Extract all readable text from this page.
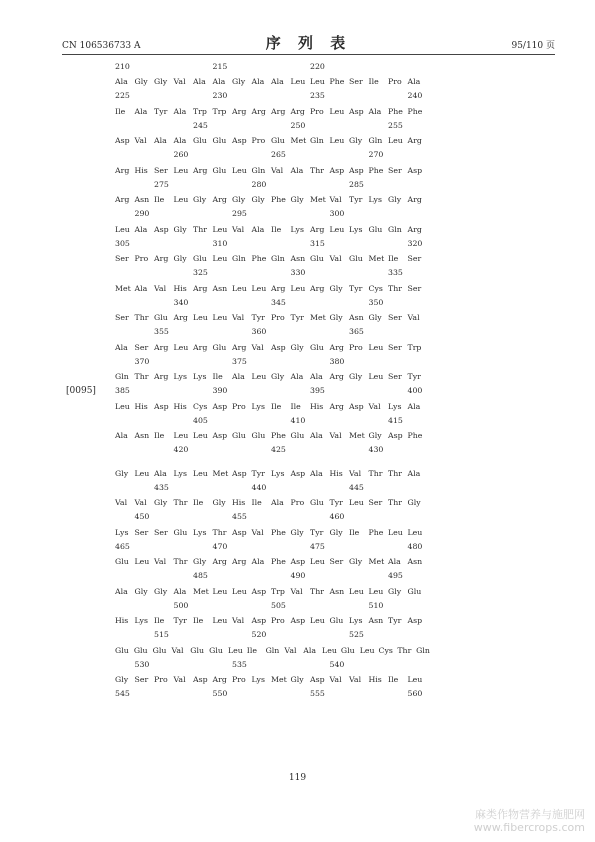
CN 106536733 A	序 列 表	95/110 页
[0095]
210	215	220
Ala Gly Gly Val Ala Ala Gly Ala Ala Leu Leu Phe Ser Ile	Pro Ala
225	230	235	240
Ile	Ala Tyr Ala Trp Trp Arg Arg Arg Arg Pro Leu Asp Ala Phe Phe
245	250	255
Asp Val Ala Ala Glu Glu Asp Pro Glu Met Gln Leu Gly Gln Leu Arg
260	265	270
Arg His Ser Leu Arg Glu Leu Gln Val Ala Thr Asp Asp Phe Ser Asp
275	280	285
Arg Asn Ile	Leu Gly Arg Gly Gly Phe Gly Met Val Tyr Lys Gly Arg
290	295	300
Leu Ala Asp Gly Thr Leu Val Ala Ile	Lys Arg Leu Lys Glu Gln Arg
305	310	315	320
Ser Pro Arg Gly Glu Leu Gln Phe Gln Asn Glu Val Glu Met Ile	Ser
325	330	335
Met Ala Val His Arg Asn Leu Leu Arg Leu Arg Gly Tyr Cys Thr Ser
340	345	350
Ser Thr Glu Arg Leu Leu Val Tyr Pro Tyr Met Gly Asn Gly Ser Val
355	360	365
Ala Ser Arg Leu Arg Glu Arg Val Asp Gly Glu Arg Pro Leu Ser Trp
370	375	380
Gln Thr Arg Lys Lys Ile	Ala Leu Gly Ala Ala Arg Gly Leu Ser Tyr
385	390	395	400
Leu His Asp His Cys Asp Pro Lys Ile	Ile	His Arg Asp Val Lys Ala
405	410	415
Ala Asn Ile	Leu Leu Asp Glu Glu Phe Glu Ala Val Met Gly Asp Phe
420	425	430
Gly Leu Ala Lys Leu Met Asp Tyr Lys Asp Ala His Val Thr Thr Ala
435	440	445
Val Val Gly Thr Ile	Gly His Ile	Ala Pro Glu Tyr Leu Ser Thr Gly
450	455	460
Lys Ser Ser Glu Lys Thr Asp Val Phe Gly Tyr Gly Ile	Phe Leu Leu
465	470	475	480
Glu Leu Val Thr Gly Arg Arg Ala Phe Asp Leu Ser Gly Met Ala Asn
485	490	495
Ala Gly Gly Ala Met Leu Leu Asp Trp Val Thr Asn Leu Leu Gly Glu
500	505	510
His Lys Ile	Tyr Ile	Leu Val Asp Pro Asp Leu Glu Lys Asn Tyr Asp
515	520	525
Glu Glu Glu Val Glu Glu Leu Ile	Gln Val Ala Leu Glu Leu Cys Thr Gln
530	535	540
Gly Ser Pro Val Asp Arg Pro Lys Met Gly Asp Val Val His Ile	Leu
545	550	555	560
119
麻类作物营养与施肥网
www.fibercrops.com
